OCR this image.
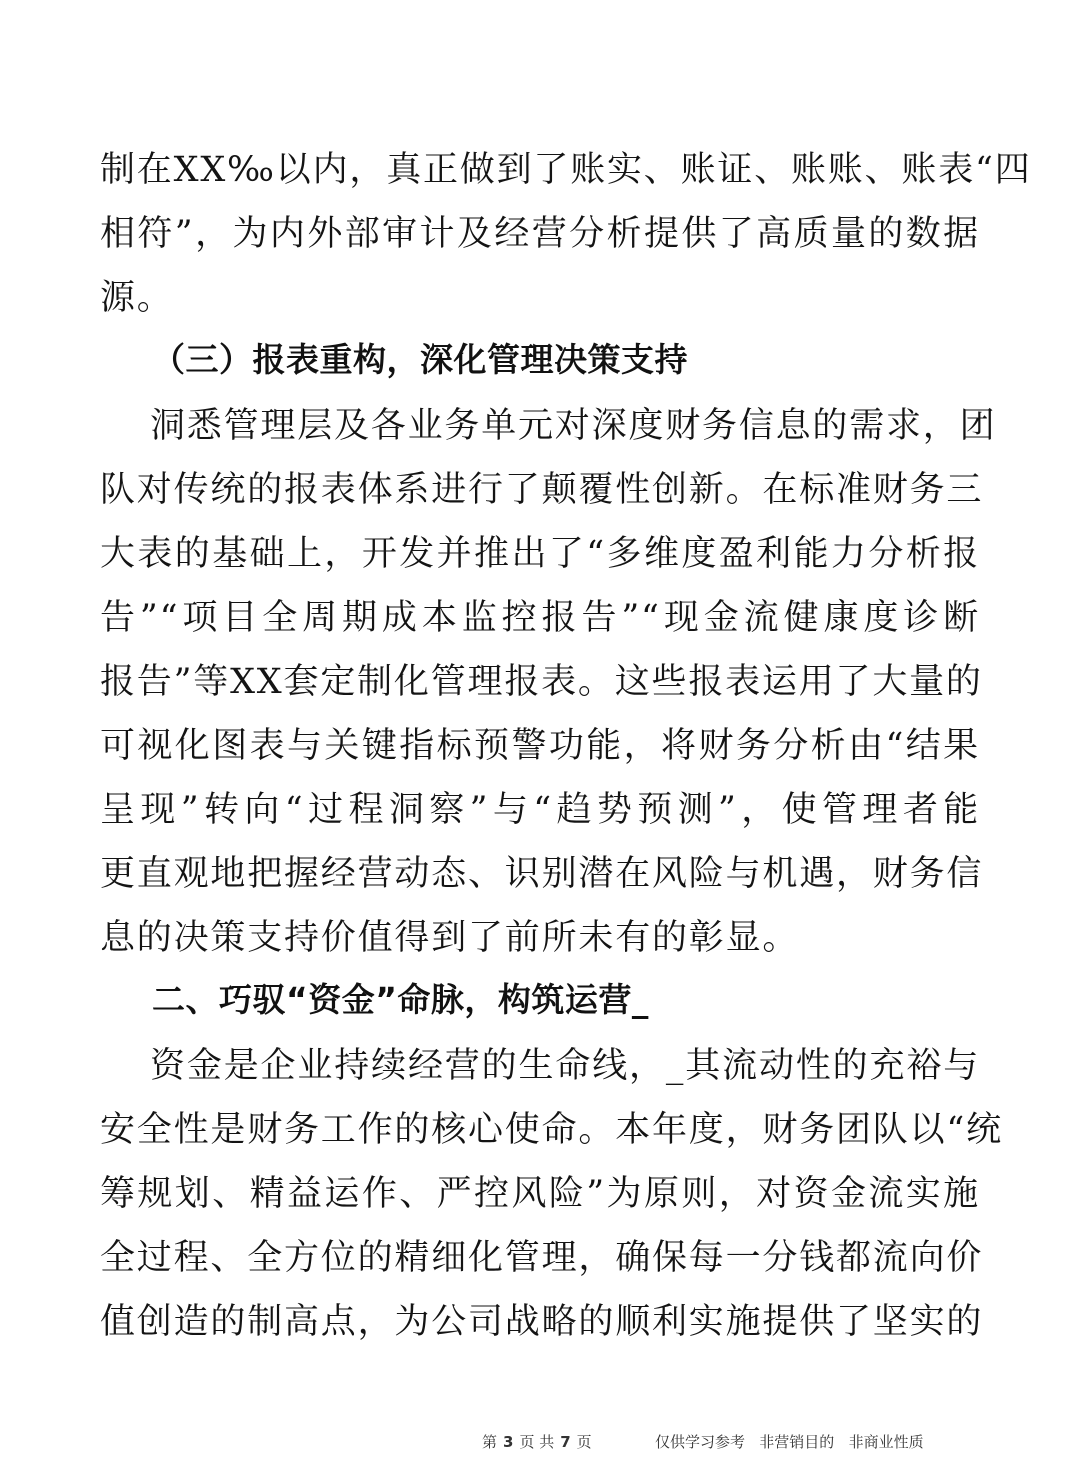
制在XX‰以内，真正做到了账实、账证、账账、账表“四
相符”，为内外部审计及经营分析提供了高质量的数据
源。
（三）报表重构，深化管理决策支持
洞悉管理层及各业务单元对深度财务信息的需求，团
队对传统的报表体系进行了颠覆性创新。在标准财务三
大表的基础上，开发并推出了“多维度盈利能力分析报
告”“项目全周期成本监控报告”“现金流健康度诊断
报告”等XX套定制化管理报表。这些报表运用了大量的
可视化图表与关键指标预警功能，将财务分析由“结果
呈现”转向“过程洞察”与“趋势预测”，使管理者能
更直观地把握经营动态、识别潜在风险与机遇，财务信
息的决策支持价值得到了前所未有的彰显。
二、巧驭“资金”命脉，构筑运营_
资金是企业持续经营的生命线，_其流动性的充裕与
安全性是财务工作的核心使命。本年度，财务团队以“统
筹规划、精益运作、严控风险”为原则，对资金流实施
全过程、全方位的精细化管理，确保每一分钱都流向价
值创造的制高点，为公司战略的顺利实施提供了坚实的
第 3 页 共 7 页	仅供学习参考   非营销目的   非商业性质
